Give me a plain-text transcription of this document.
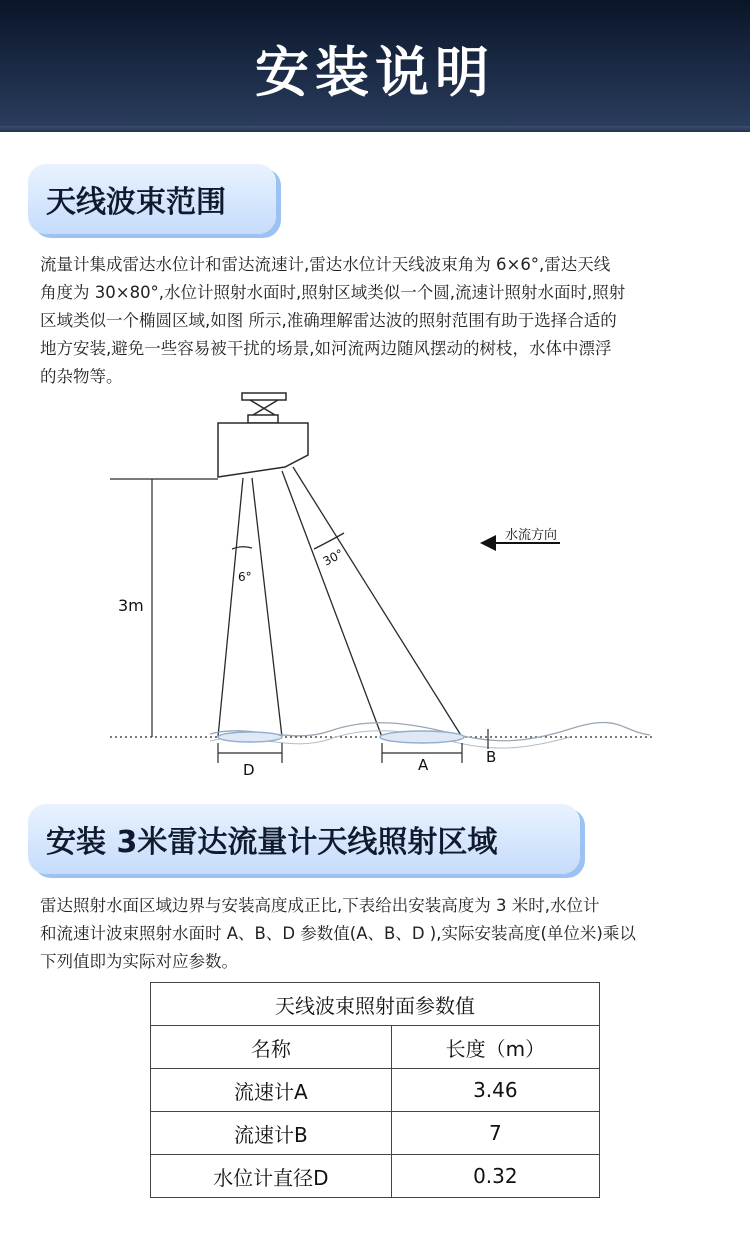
安装说明
天线波束范围

流量计集成雷达水位计和雷达流速计,雷达水位计天线波束角为 6×6°,雷达天线
角度为 30×80°,水位计照射水面时,照射区域类似一个圆,流速计照射水面时,照射
区域类似一个椭圆区域,如图 所示,准确理解雷达波的照射范围有助于选择合适的
地方安装,避免一些容易被干扰的场景,如河流两边随风摆动的树枝，水体中漂浮
的杂物等。

3m
6°
30°
D	A	B
水流方向
安装 3米雷达流量计天线照射区域

雷达照射水面区域边界与安装高度成正比,下表给出安装高度为 3 米时,水位计
和流速计波束照射水面时 A、B、D 参数值(A、B、D ),实际安装高度(单位米)乘以
下列值即为实际对应参数。

天线波束照射面参数值	
名称	长度（m）
流速计A	3.46
流速计B	7
水位计直径D	0.32
